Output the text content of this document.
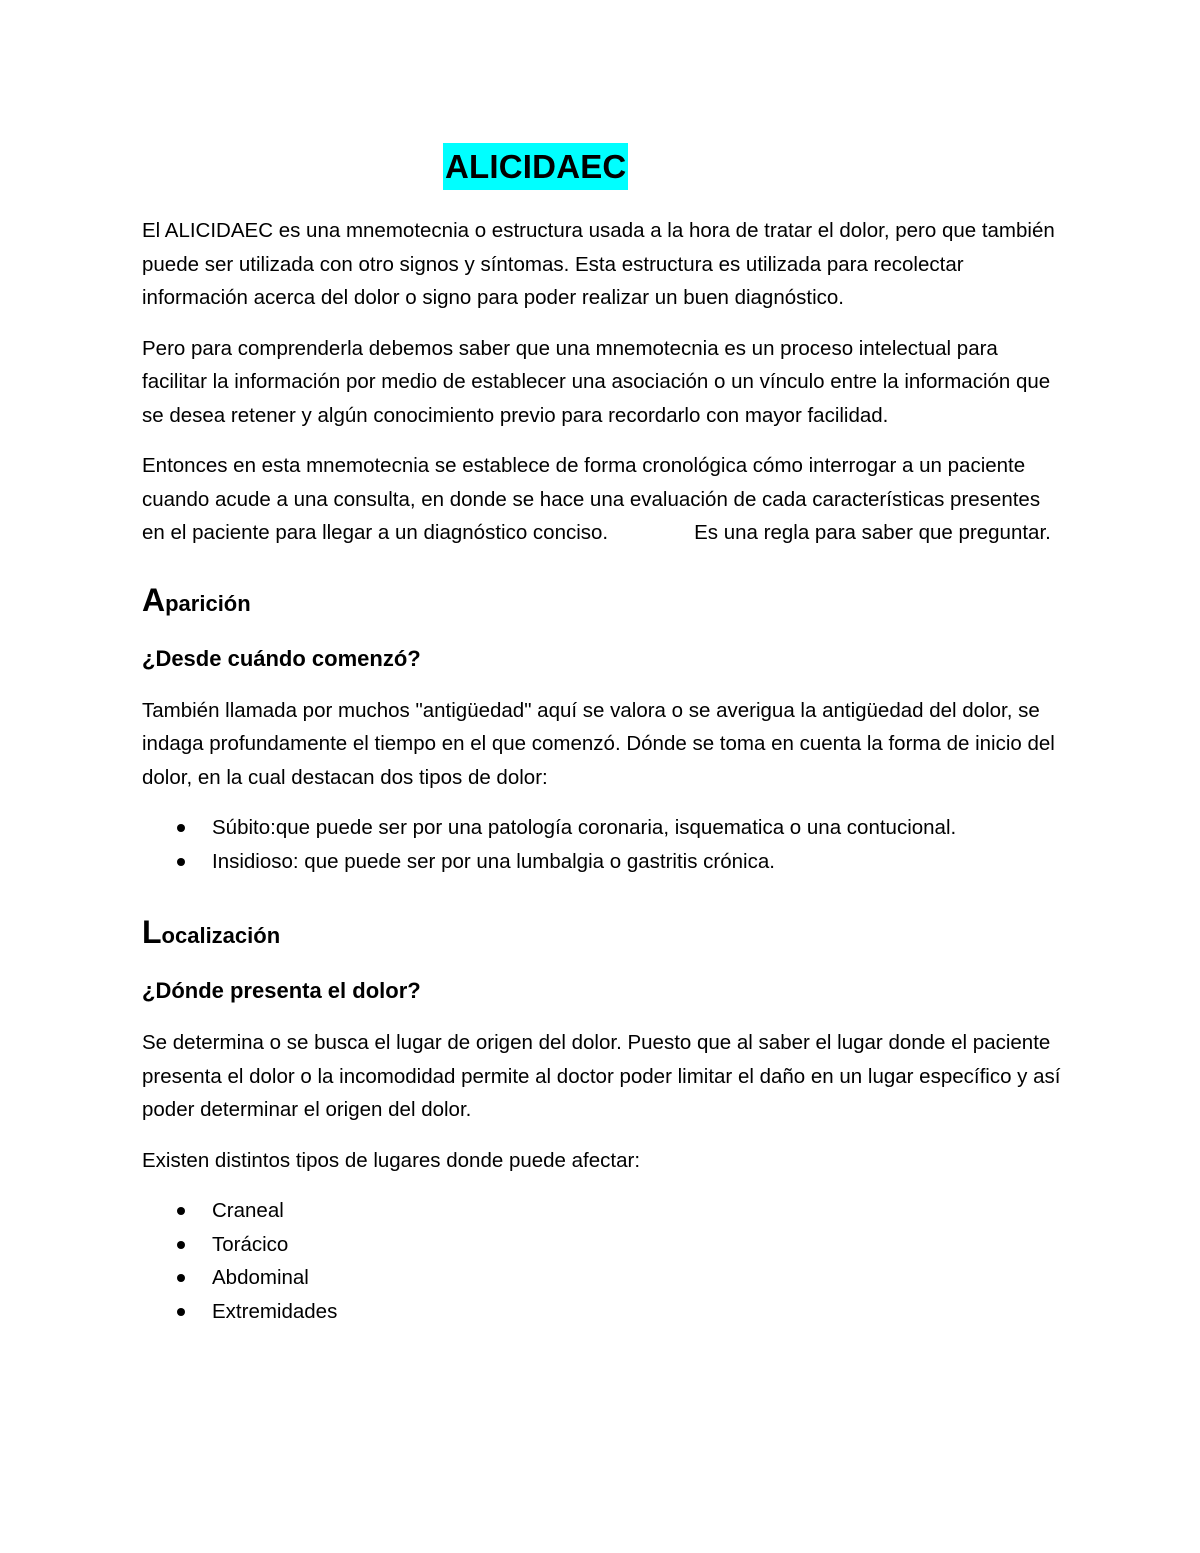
ALICIDAEC

El ALICIDAEC es una mnemotecnia o estructura usada a la hora de tratar el dolor, pero que también puede ser utilizada con otro signos y síntomas. Esta estructura es utilizada para recolectar información acerca del dolor o signo para poder realizar un buen diagnóstico.

Pero para comprenderla debemos saber que una mnemotecnia es un proceso intelectual para facilitar la información por medio de establecer una asociación o un vínculo entre la información que se desea retener y algún conocimiento previo para recordarlo con mayor facilidad.

Entonces en esta mnemotecnia se establece de forma cronológica cómo interrogar a un paciente cuando acude a una consulta, en donde se hace una evaluación de cada características presentes en el paciente para llegar a un diagnóstico conciso.	Es una regla para saber que preguntar.

Aparición
¿Desde cuándo comenzó?

También llamada por muchos "antigüedad" aquí se valora o se averigua la antigüedad del dolor, se indaga profundamente el tiempo en el que comenzó. Dónde se toma en cuenta la forma de inicio del dolor, en la cual destacan dos tipos de dolor:

Súbito:que puede ser por una patología coronaria, isquematica o una contucional.
Insidioso: que puede ser por una lumbalgia o gastritis crónica.
Localización
¿Dónde presenta el dolor?

Se determina o se busca el lugar de origen del dolor. Puesto que al saber el lugar donde el paciente presenta el dolor o la incomodidad permite al doctor poder limitar el daño en un lugar específico y así poder determinar el origen del dolor.

Existen distintos tipos de lugares donde puede afectar:

Craneal
Torácico
Abdominal
Extremidades
